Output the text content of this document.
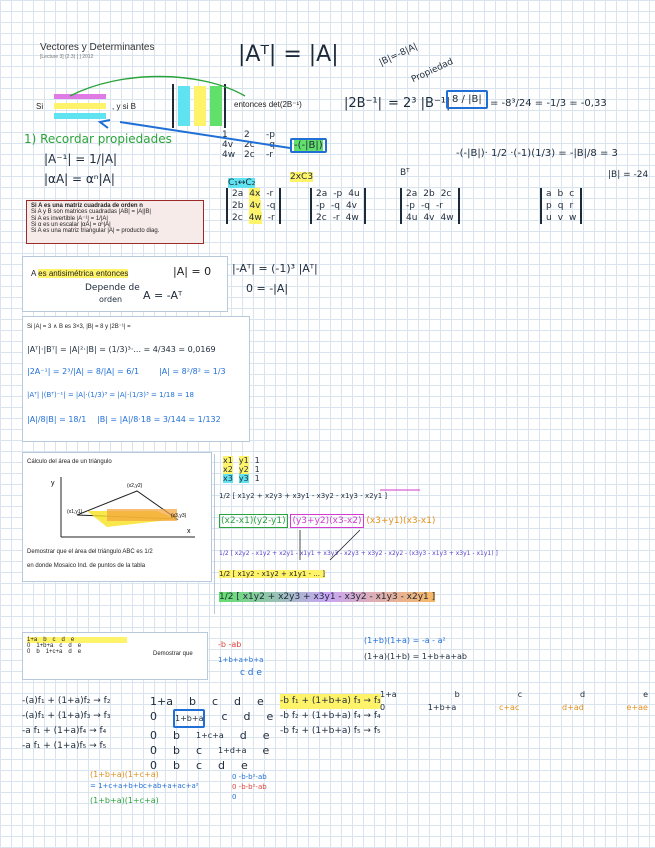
Vectores y Determinantes
[Lecture 3] (2.3) [ ] 2012	|Aᵀ| = |A|
Si	, y si B	entonces det(2B⁻¹)	|2B⁻¹| = 2³ |B⁻¹| 8 / |B| = -8³/24 = -1/3 = -0,33
|B|=-8|A|
Propiedad
-(-|B|)· 1/2 ·(-1)(1/3) = -|B|/8 = 3
|B| = -24
1) Recordar propiedades
|A⁻¹| = 1/|A|
|αA| = αⁿ|A|
Si A es una matriz cuadrada de orden n
Si A y B son matrices cuadradas |AB| = |A||B|
Si A es invertible |A⁻¹| = 1/|A|
Si α es un escalar |αA| = αⁿ|A|
Si A es una matriz triangular |A| = producto diag.
1 2 -p
4v 2c -q
4w 2c -r
-(-|B|)
C₁↔C₂
2xC3	Bᵀ
2a 4x -r
2b 4v -q
2c 4w -r
2a -p 4u
-p -q 4v
2c -r 4w
2a 2b 2c
-p -q -r
4u 4v 4w
a b c
p q r
u v w
A es antisimétrica entonces	|A| = 0
Depende de
orden A = -Aᵀ
|-Aᵀ| = (-1)³ |Aᵀ|
0 = -|A|
Si |A| = 3 ∧ B es 3×3, |B| = 8 y |2B⁻¹| =
|Aᵀ|·|Bᵀ| = |A|²·|B| = (1/3)³·... = 4/343 = 0,0169
|2A⁻¹| = 2³/|A| = 8/|A| = 6/1 |A| = 8²/8² = 1/3
|Aᵀ| |(Bᵀ)⁻¹| = |A|·(1/3)³ = |A|·(1/3)³ = 1/18 = 18
|A|/8|B| = 18/1 |B| = |A|/8·18 = 3/144 = 1/132
Cálculo del área de un triángulo
y
x
(x2,y2)
(x1,y1)
(x3,y3)
Demostrar que el área del triángulo ABC es 1/2
en donde Mosaico Ind. de puntos de la tabla
x1 y1 1
x2 y2 1
x3 y3 1
1/2 [ x1y2 + x2y3 + x3y1 - x3y2 - x1y3 - x2y1 ]
(x2-x1)(y2-y1) (y3+y2)(x3-x2) (x3+y1)(x3-x1)
1/2 [ x2y2 - x1y2 + x2y1 - x1y1 + x3y3 - x2y3 + x3y2 - x2y2 - (x3y3 - x1y3 + x3y1 - x1y1) ]
1/2 [ x1y2 - x1y2 + x1y1 - ... ]
1/2 [ x1y2 + x2y3 + x3y1 - x3y2 - x1y3 - x2y1 ]
1+a b c d e
0 1+b+a c d e
0 b 1+c+a d e	Demostrar que
-b -ab
1+b+a+b+a
c d e
(1+b)(1+a) = -a - a²
(1+a)(1+b) = 1+b+a+ab
-(a)f₁ + (1+a)f₂ → f₂
-(a)f₁ + (1+a)f₃ → f₃
-a f₁ + (1+a)f₄ → f₄
-a f₁ + (1+a)f₅ → f₅
1+a b c d e
0 1+b+a c d e
0 b 1+c+a d e
0 b c 1+d+a e
0 b c d e
-b f₁ + (1+b+a) f₃ → f₃
-b f₂ + (1+b+a) f₄ → f₄
-b f₂ + (1+b+a) f₅ → f₅
1+a	b	c	d	e
0	1+b+a	c+ac	d+ad	e+ae
(1+b+a)(1+c+a)
= 1+c+a+b+bc+ab+a+ac+a²
(1+b+a)(1+c+a)
0 -b-b²-ab
0 -b-b²-ab
0
